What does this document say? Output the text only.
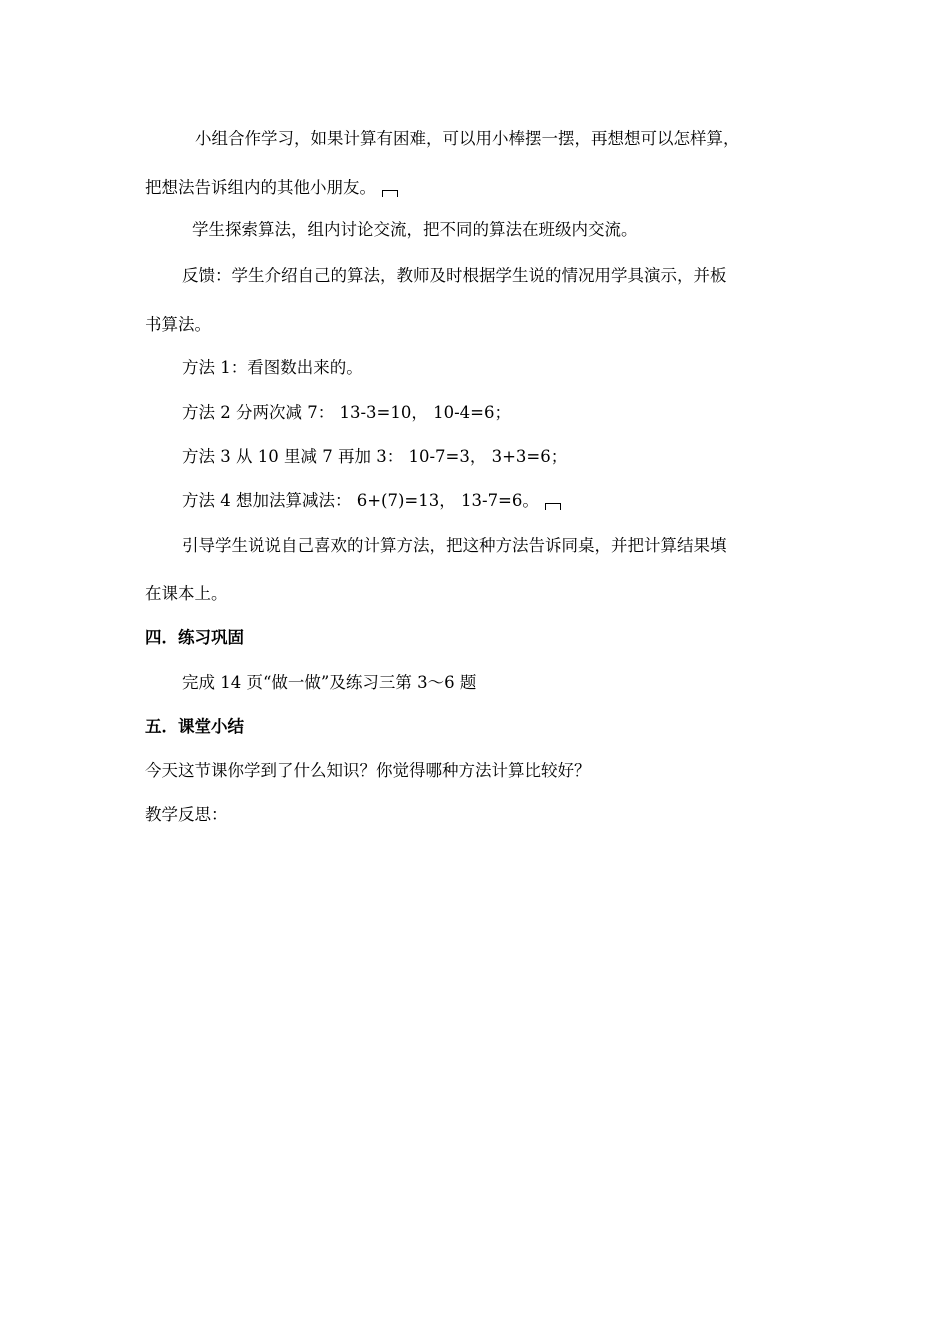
小组合作学习，如果计算有困难，可以用小棒摆一摆，再想想可以怎样算，
把想法告诉组内的其他小朋友。
学生探索算法，组内讨论交流，把不同的算法在班级内交流。
反馈：学生介绍自己的算法，教师及时根据学生说的情况用学具演示，并板
书算法。
方法 1：看图数出来的。
方法 2 分两次减 7： 13-3=10， 10-4=6；
方法 3 从 10 里减 7 再加 3： 10-7=3， 3+3=6；
方法 4 想加法算减法： 6+(7)=13， 13-7=6。
引导学生说说自己喜欢的计算方法，把这种方法告诉同桌，并把计算结果填
在课本上。
四．练习巩固
完成 14 页“做一做”及练习三第 3～6 题
五．课堂小结
今天这节课你学到了什么知识？你觉得哪种方法计算比较好？
教学反思：
